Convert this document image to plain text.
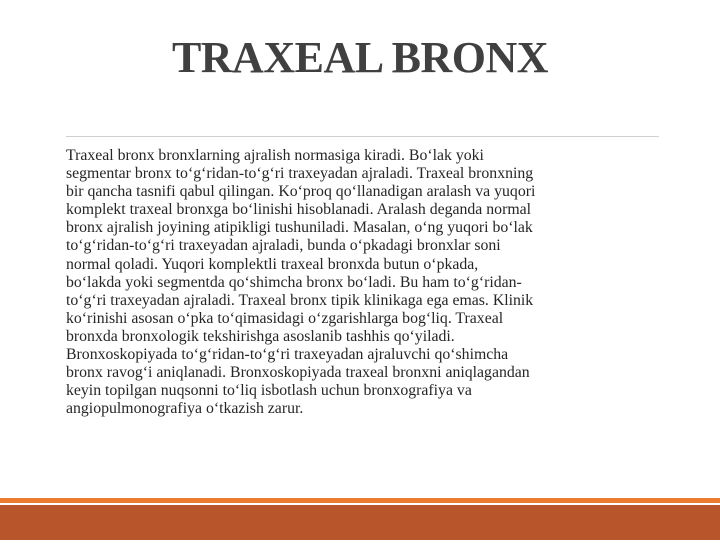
TRAXEAL BRONX

Traxeal bronx bronxlarning ajralish normasiga kiradi. Bo‘lak yoki
segmentar bronx to‘g‘ridan-to‘g‘ri traxeyadan ajraladi. Traxeal bronxning
bir qancha tasnifi qabul qilingan. Ko‘proq qo‘llanadigan aralash va yuqori
komplekt traxeal bronxga bo‘linishi hisoblanadi. Aralash deganda normal
bronx ajralish joyining atipikligi tushuniladi. Masalan, o‘ng yuqori bo‘lak
to‘g‘ridan-to‘g‘ri traxeyadan ajraladi, bunda o‘pkadagi bronxlar soni
normal qoladi. Yuqori komplektli traxeal bronxda butun o‘pkada,
bo‘lakda yoki segmentda qo‘shimcha bronx bo‘ladi. Bu ham to‘g‘ridan-
to‘g‘ri traxeyadan ajraladi. Traxeal bronx tipik klinikaga ega emas. Klinik
ko‘rinishi asosan o‘pka to‘qimasidagi o‘zgarishlarga bog‘liq. Traxeal
bronxda bronxologik tekshirishga asoslanib tashhis qo‘yiladi.
Bronxoskopiyada to‘g‘ridan-to‘g‘ri traxeyadan ajraluvchi qo‘shimcha
bronx ravog‘i aniqlanadi. Bronxoskopiyada traxeal bronxni aniqlagandan
keyin topilgan nuqsonni to‘liq isbotlash uchun bronxografiya va
angiopulmonografiya o‘tkazish zarur.
